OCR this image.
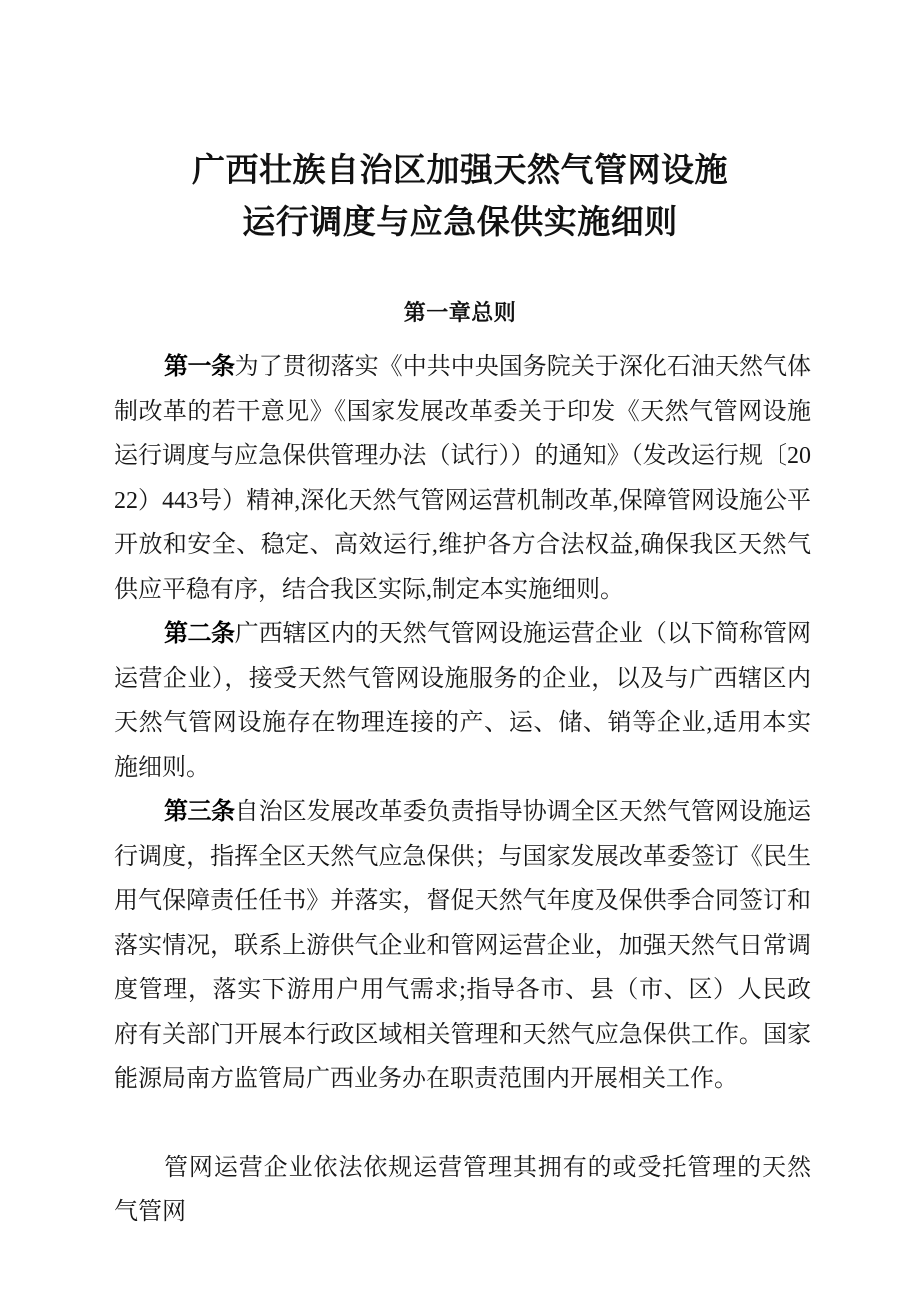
广西壮族自治区加强天然气管网设施
运行调度与应急保供实施细则
第一章总则

第一条为了贯彻落实《中共中央国务院关于深化石油天然气体制改革的若干意见》《国家发展改革委关于印发《天然气管网设施运行调度与应急保供管理办法（试行））的通知》（发改运行规〔2022）443号）精神,深化天然气管网运营机制改革,保障管网设施公平开放和安全、稳定、高效运行,维护各方合法权益,确保我区天然气供应平稳有序，结合我区实际,制定本实施细则。

第二条广西辖区内的天然气管网设施运营企业（以下简称管网运营企业），接受天然气管网设施服务的企业，以及与广西辖区内天然气管网设施存在物理连接的产、运、储、销等企业,适用本实施细则。

第三条自治区发展改革委负责指导协调全区天然气管网设施运行调度，指挥全区天然气应急保供；与国家发展改革委签订《民生用气保障责任任书》并落实，督促天然气年度及保供季合同签订和落实情况，联系上游供气企业和管网运营企业，加强天然气日常调度管理，落实下游用户用气需求;指导各市、县（市、区）人民政府有关部门开展本行政区域相关管理和天然气应急保供工作。国家能源局南方监管局广西业务办在职责范围内开展相关工作。

管网运营企业依法依规运营管理其拥有的或受托管理的天然气管网
